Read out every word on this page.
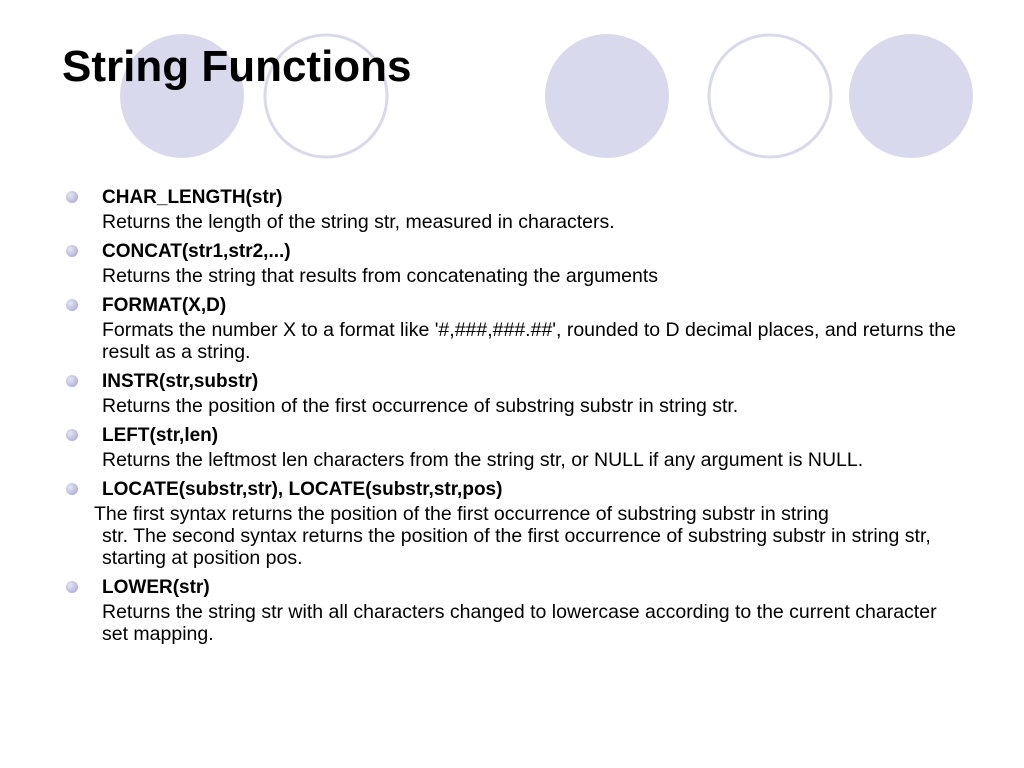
String Functions
CHAR_LENGTH(str)

Returns the length of the string str, measured in characters.

CONCAT(str1,str2,...)

Returns the string that results from concatenating the arguments

FORMAT(X,D)

Formats the number X to a format like '#,###,###.##', rounded to D decimal places, and returns the result as a string.

INSTR(str,substr)

Returns the position of the first occurrence of substring substr in string str.

LEFT(str,len)

Returns the leftmost len characters from the string str, or NULL if any argument is NULL.

LOCATE(substr,str), LOCATE(substr,str,pos)

The first syntax returns the position of the first occurrence of substring substr in string
str. The second syntax returns the position of the first occurrence of substring substr in string str, starting at position pos.

LOWER(str)

Returns the string str with all characters changed to lowercase according to the current character set mapping.
